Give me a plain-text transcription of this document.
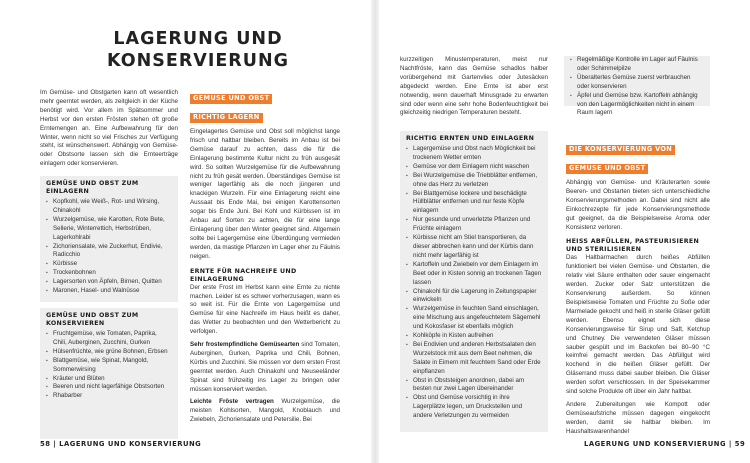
LAGERUNG UND
KONSERVIERUNG

Im Gemüse- und Obstgarten kann oft wesentlich mehr geerntet werden, als zeitgleich in der Küche benötigt wird. Vor allem im Spätsommer und Herbst vor den ersten Frösten stehen oft große Erntemengen an. Eine Aufbewahrung für den Winter, wenn nicht so viel Frisches zur Verfügung steht, ist wünschenswert. Abhängig von Gemüse- oder Obstsorte lassen sich die Ernteerträge einlagern oder konservieren.

GEMÜSE UND OBST ZUM EINLAGERN

▪ Kopfkohl, wie Weiß-, Rot- und Wirsing, Chinakohl
▪ Wurzelgemüse, wie Karotten, Rote Bete, Sellerie, Winterrettich, Herbstrüben, Lagerkohlrabi
▪ Zichoriensalate, wie Zuckerhut, Endivie, Radicchio
▪ Kürbisse
▪ Trockenbohnen
▪ Lagersorten von Äpfeln, Birnen, Quitten
▪ Maronen, Hasel- und Walnüsse

GEMÜSE UND OBST ZUM KONSERVIEREN

▪ Fruchtgemüse, wie Tomaten, Paprika, Chili, Auberginen, Zucchini, Gurken
▪ Hülsenfrüchte, wie grüne Bohnen, Erbsen
▪ Blattgemüse, wie Spinat, Mangold, Sommerwirsing
▪ Kräuter und Blüten
▪ Beeren und nicht lagerfähige Obstsorten
▪ Rhabarber
GEMÜSE UND OBST
RICHTIG LAGERN

Eingelagertes Gemüse und Obst soll möglichst lange frisch und haltbar bleiben. Bereits im Anbau ist bei Gemüse darauf zu achten, dass die für die Einlagerung bestimmte Kultur nicht zu früh ausgesät wird. So sollten Wurzelgemüse für die Aufbewahrung nicht zu früh gesät werden. Überständiges Gemüse ist weniger lagerfähig als die noch jüngeren und knackigen Wurzeln. Für eine Einlagerung reicht eine Aussaat bis Ende Mai, bei einigen Karottensorten sogar bis Ende Juni. Bei Kohl und Kürbissen ist im Anbau auf Sorten zu achten, die für eine lange Einlagerung über den Winter geeignet sind. Allgemein sollte bei Lagergemüse eine Überdüngung vermieden werden, da mastige Pflanzen im Lager eher zu Fäulnis neigen.

ERNTE FÜR NACHREIFE UND EINLAGERUNG

Der erste Frost im Herbst kann eine Ernte zu nichte machen. Leider ist es schwer vorherzusagen, wann es so weit ist. Für die Ernte von Lagergemüse und Gemüse für eine Nachreife im Haus heißt es daher, das Wetter zu beobachten und den Wetterbericht zu verfolgen.

Sehr frostempfindliche Gemüsearten sind Tomaten, Auberginen, Gurken, Paprika und Chili, Bohnen, Kürbis und Zucchini. Sie müssen vor dem ersten Frost geerntet werden. Auch Chinakohl und Neuseeländer Spinat sind frühzeitig ins Lager zu bringen oder müssen konserviert werden.

Leichte Fröste vertragen Wurzelgemüse, die meisten Kohlsorten, Mangold, Knoblauch und Zwiebeln, Zichoriensalate und Petersilie. Bei

58 | LAGERUNG UND KONSERVIERUNG

kurzzeitigen Minustemperaturen, meist nur Nachtfröste, kann das Gemüse schadlos halber vorübergehend mit Gartenvlies oder Jutesäcken abgedeckt werden. Eine Ernte ist aber erst notwendig, wenn dauerhaft Minusgrade zu erwarten sind oder wenn eine sehr hohe Bodenfeuchtigkeit bei gleichzeitig niedrigen Temperaturen besteht.

RICHTIG ERNTEN UND EINLAGERN

▪ Lagergemüse und Obst nach Möglichkeit bei trockenem Wetter ernten
▪ Gemüse vor dem Einlagern nicht waschen
▪ Bei Wurzelgemüse die Triebblätter entfernen, ohne das Herz zu verletzen
▪ Bei Blattgemüse lockere und beschädigte Hüllblätter entfernen und nur feste Köpfe einlagern
▪ Nur gesunde und unverletzte Pflanzen und Früchte einlagern
▪ Kürbisse nicht am Stiel transportieren, da dieser abbrechen kann und der Kürbis dann nicht mehr lagerfähig ist
▪ Kartoffeln und Zwiebeln vor dem Einlagern im Beet oder in Kisten sonnig an trockenen Tagen lassen
▪ Chinakohl für die Lagerung in Zeitungspapier einwickeln
▪ Wurzelgemüse in feuchten Sand einschlagen, eine Mischung aus angefeuchtetem Sägemehl und Kokosfaser ist ebenfalls möglich
▪ Kohlköpfe in Kisten aufreihen
▪ Bei Endivien und anderen Herbstsalaten den Wurzelstock mit aus dem Beet nehmen, die Salate in Eimern mit feuchtem Sand oder Erde einpflanzen
▪ Obst in Obststeigen anordnen, dabei am besten nur zwei Lagen übereinander
▪ Obst und Gemüse vorsichtig in ihre Lagerplätze legen, um Druckstellen und andere Verletzungen zu vermeiden
▪ Regelmäßige Kontrolle im Lager auf Fäulnis oder Schimmelpilze
▪ Überaltertes Gemüse zuerst verbrauchen oder konservieren
▪ Äpfel und Gemüse bzw. Kartoffeln abhängig von den Lagermöglichkeiten nicht in einem Raum lagern
DIE KONSERVIERUNG VON
GEMÜSE UND OBST

Abhängig von Gemüse- und Kräuterarten sowie Beeren- und Obstarten bieten sich unterschiedliche Konservierungsmethoden an. Dabei sind nicht alle Einkochrezepte für jede Konservierungsmethode gut geeignet, da die Beispielsweise Aroma oder Konsistenz verloren.

HEISS ABFÜLLEN, PASTEURISIEREN UND STERILISIEREN

Das Haltbarmachen durch heißes Abfüllen funktioniert bei vielen Gemüse- und Obstarten, die relativ viel Säure enthalten oder sauer eingemacht werden. Zucker oder Salz unterstützen die Konservierung außerdem. So können Beispielsweise Tomaten und Früchte zu Soße oder Marmelade gekocht und heiß in sterile Gläser gefüllt werden. Ebenso eignet sich diese Konservierungsweise für Sirup und Saft, Ketchup und Chutney. Die verwendeten Gläser müssen sauber gespült und im Backofen bei 80–90 °C keimfrei gemacht werden. Das Abfüllgut wird kochend in die heißen Gläser gefüllt. Der Gläserrand muss dabei sauber bleiben. Die Gläser werden sofort verschlossen. In der Speisekammer sind solche Produkte oft über ein Jahr haltbar.

Andere Zubereitungen wie Kompott oder Gemüseaufstriche müssen dagegen eingekocht werden, damit sie haltbar bleiben. Im Haushaltswarenhandel

LAGERUNG UND KONSERVIERUNG | 59
